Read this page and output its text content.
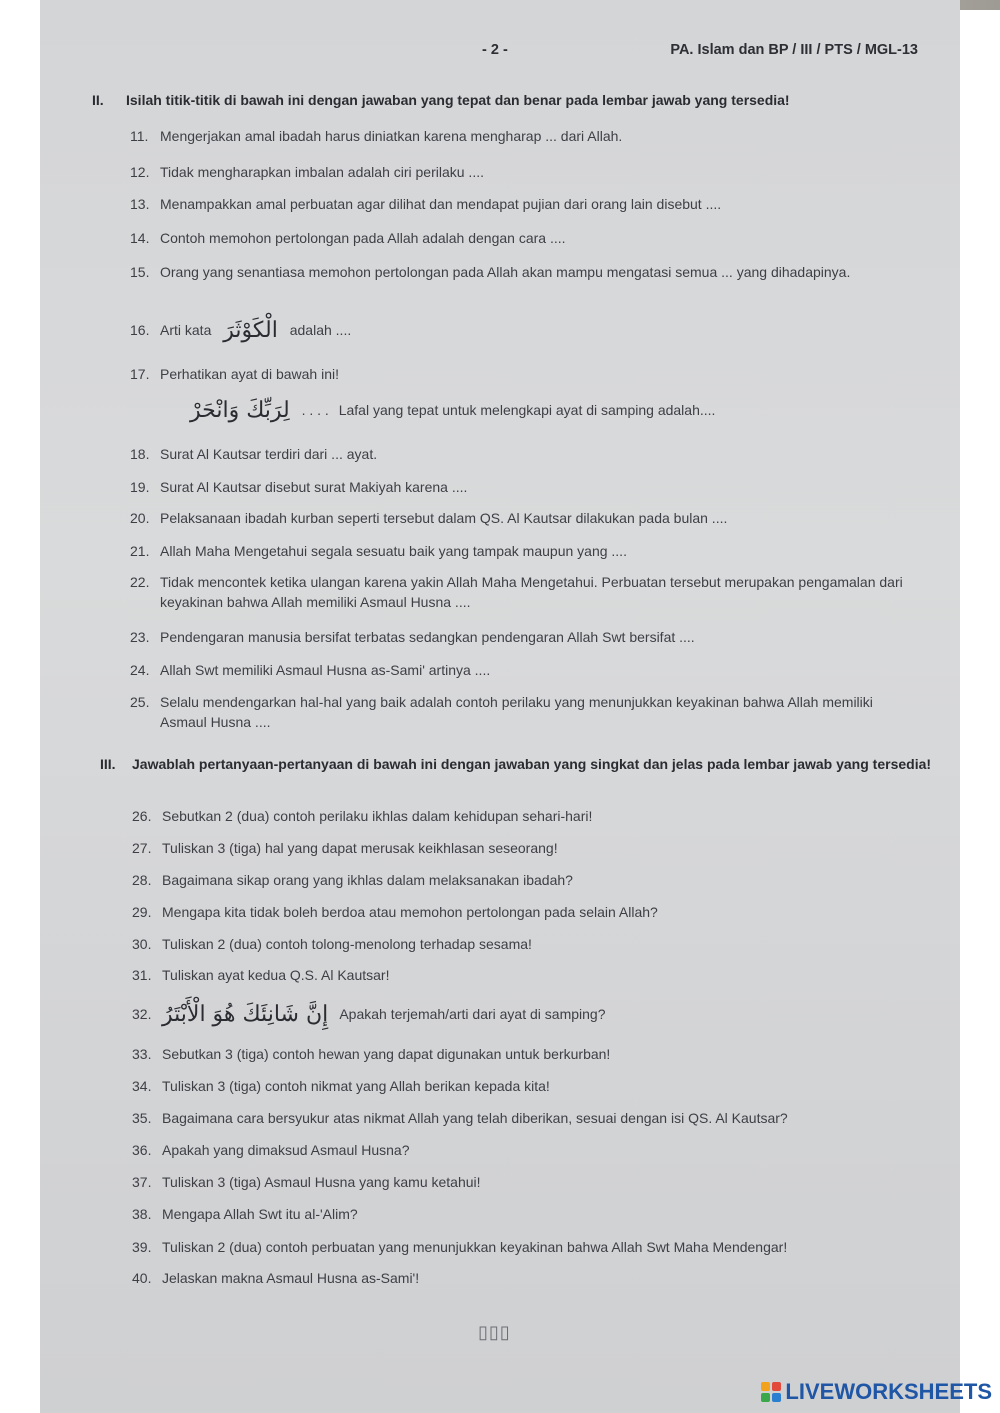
- 2 -	PA. Islam dan BP / III / PTS / MGL-13
II. Isilah titik-titik di bawah ini dengan jawaban yang tepat dan benar pada lembar jawab yang tersedia!
11. Mengerjakan amal ibadah harus diniatkan karena mengharap ... dari Allah.
12. Tidak mengharapkan imbalan adalah ciri perilaku ....
13. Menampakkan amal perbuatan agar dilihat dan mendapat pujian dari orang lain disebut ....
14. Contoh memohon pertolongan pada Allah adalah dengan cara ....
15. Orang yang senantiasa memohon pertolongan pada Allah akan mampu mengatasi semua ... yang dihadapinya.
16. Arti kata الْكَوْثَرَ adalah ....
17. Perhatikan ayat di bawah ini!
لِرَبِّكَ وَانْحَرْ . . . . Lafal yang tepat untuk melengkapi ayat di samping adalah....
18. Surat Al Kautsar terdiri dari ... ayat.
19. Surat Al Kautsar disebut surat Makiyah karena ....
20. Pelaksanaan ibadah kurban seperti tersebut dalam QS. Al Kautsar dilakukan pada bulan ....
21. Allah Maha Mengetahui segala sesuatu baik yang tampak maupun yang ....
22. Tidak mencontek ketika ulangan karena yakin Allah Maha Mengetahui. Perbuatan tersebut merupakan pengamalan dari keyakinan bahwa Allah memiliki Asmaul Husna ....
23. Pendengaran manusia bersifat terbatas sedangkan pendengaran Allah Swt bersifat ....
24. Allah Swt memiliki Asmaul Husna as-Sami' artinya ....
25. Selalu mendengarkan hal-hal yang baik adalah contoh perilaku yang menunjukkan keyakinan bahwa Allah memiliki Asmaul Husna ....
III. Jawablah pertanyaan-pertanyaan di bawah ini dengan jawaban yang singkat dan jelas pada lembar jawab yang tersedia!
26. Sebutkan 2 (dua) contoh perilaku ikhlas dalam kehidupan sehari-hari!
27. Tuliskan 3 (tiga) hal yang dapat merusak keikhlasan seseorang!
28. Bagaimana sikap orang yang ikhlas dalam melaksanakan ibadah?
29. Mengapa kita tidak boleh berdoa atau memohon pertolongan pada selain Allah?
30. Tuliskan 2 (dua) contoh tolong-menolong terhadap sesama!
31. Tuliskan ayat kedua Q.S. Al Kautsar!
32. إِنَّ شَانِئَكَ هُوَ الْأَبْتَرُ Apakah terjemah/arti dari ayat di samping?
33. Sebutkan 3 (tiga) contoh hewan yang dapat digunakan untuk berkurban!
34. Tuliskan 3 (tiga) contoh nikmat yang Allah berikan kepada kita!
35. Bagaimana cara bersyukur atas nikmat Allah yang telah diberikan, sesuai dengan isi QS. Al Kautsar?
36. Apakah yang dimaksud Asmaul Husna?
37. Tuliskan 3 (tiga) Asmaul Husna yang kamu ketahui!
38. Mengapa Allah Swt itu al-'Alim?
39. Tuliskan 2 (dua) contoh perbuatan yang menunjukkan keyakinan bahwa Allah Swt Maha Mendengar!
40. Jelaskan makna Asmaul Husna as-Sami'!
▯▯▯
LIVEWORKSHEETS
